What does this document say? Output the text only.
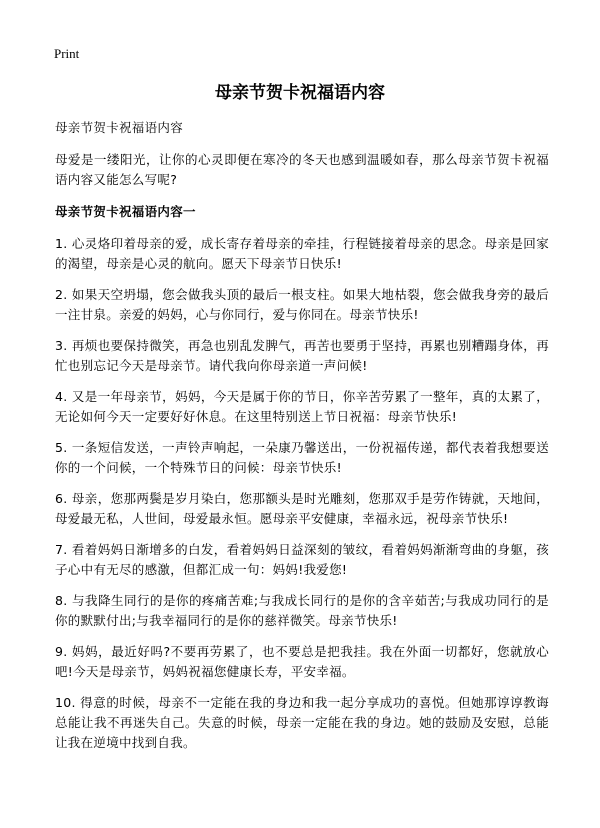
Print
母亲节贺卡祝福语内容

母亲节贺卡祝福语内容

母爱是一缕阳光，让你的心灵即便在寒冷的冬天也感到温暖如春，那么母亲节贺卡祝福语内容又能怎么写呢?

母亲节贺卡祝福语内容一

1. 心灵烙印着母亲的爱，成长寄存着母亲的牵挂，行程链接着母亲的思念。母亲是回家的渴望，母亲是心灵的航向。愿天下母亲节日快乐!

2. 如果天空坍塌，您会做我头顶的最后一根支柱。如果大地枯裂，您会做我身旁的最后一注甘泉。亲爱的妈妈，心与你同行，爱与你同在。母亲节快乐!

3. 再烦也要保持微笑，再急也别乱发脾气，再苦也要勇于坚持，再累也别糟蹋身体，再忙也别忘记今天是母亲节。请代我向你母亲道一声问候!

4. 又是一年母亲节，妈妈，今天是属于你的节日，你辛苦劳累了一整年，真的太累了，无论如何今天一定要好好休息。在这里特别送上节日祝福：母亲节快乐!

5. 一条短信发送，一声铃声响起，一朵康乃馨送出，一份祝福传递，都代表着我想要送你的一个问候，一个特殊节日的问候：母亲节快乐!

6. 母亲，您那两鬓是岁月染白，您那额头是时光雕刻，您那双手是劳作铸就，天地间，母爱最无私，人世间，母爱最永恒。愿母亲平安健康，幸福永远，祝母亲节快乐!

7. 看着妈妈日渐增多的白发，看着妈妈日益深刻的皱纹，看着妈妈渐渐弯曲的身躯，孩子心中有无尽的感激，但都汇成一句：妈妈!我爱您!

8. 与我降生同行的是你的疼痛苦难;与我成长同行的是你的含辛茹苦;与我成功同行的是你的默默付出;与我幸福同行的是你的慈祥微笑。母亲节快乐!

9. 妈妈，最近好吗?不要再劳累了，也不要总是把我挂。我在外面一切都好，您就放心吧!今天是母亲节，妈妈祝福您健康长寿，平安幸福。

10. 得意的时候，母亲不一定能在我的身边和我一起分享成功的喜悦。但她那谆谆教诲总能让我不再迷失自己。失意的时候，母亲一定能在我的身边。她的鼓励及安慰，总能让我在逆境中找到自我。
